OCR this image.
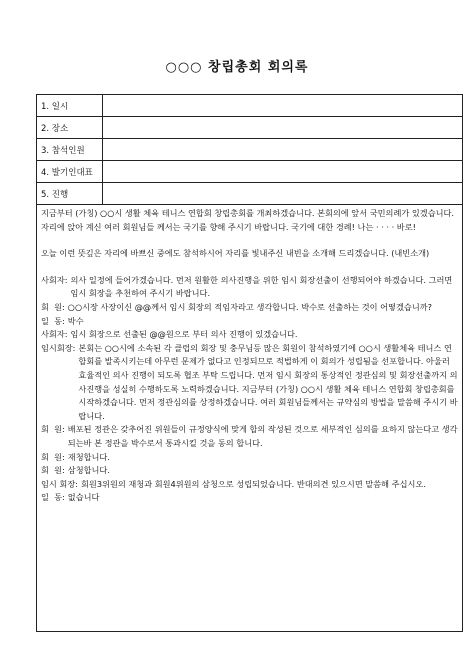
○○○ 창립총회 회의록
1. 일시	
2. 장소	
3. 참석인원	
4. 발기인대표	
5. 진행	

지금부터 (가칭) ○○시 생활 체육 테니스 연합회 창립총회를 개최하겠습니다. 본회의에 앞서 국민의례가 있겠습니다. 자리에 앉아 계신 여러 회원님들 께서는 국기를 향해 주시기 바랍니다. 국기에 대한 경례! 나는 · · · · 바로!

오늘 이런 뜻깊은 자리에 바쁘신 중에도 참석하시어 자리를 빛내주신 내빈을 소개해 드리겠습니다. (내빈소개)

사회자 : 의사 일정에 들어가겠습니다. 먼저 원활한 의사진행을 위한 임시 회장선출이 선행되어야 하겠습니다. 그러면 임시 회장을 추천하여 주시기 바랍니다.
회  원 : ○○시장 사장이신 @@께서 임시 회장의 적임자라고 생각합니다. 박수로 선출하는 것이 어떻겠습니까?
일  동 : 박수
사회자 : 임시 회장으로 선출된 @@원으로 부터 의사 진행이 있겠습니다.
임시회장 : 본회는 ○○시에 소속된 각 클럽의 회장 및 충무님등 많은 회원이 참석하였기에 ○○시 생활체육 테니스 연합회를 발족시키는데 아무런 문제가 없다고 인정되므로 적법하게 이 회의가 성립됨을 선포합니다. 아울러 효율적인 의사 진행이 되도록 협조 부탁 드립니다. 먼저 임시 회장의 통상적인 정관심의 및 회장선출까지 의사진행을 성실히 수행하도록 노력하겠습니다. 지금부터 (가칭) ○○시 생활 체육 테니스 연합회 창립총회를 시작하겠습니다. 먼저 정관심의를 상정하겠습니다. 여러 회원님들께서는 규약심의 방법을 말씀해 주시기 바랍니다.
회  원 : 배포된 정관은 갖추어진 위원들이 규정양식에 맞게 합의 작성된 것으로 세부적인 심의를 요하지 않는다고 생각되는바 본 정관을 박수로서 통과시킬 것을 동의 합니다.
회  원 : 재청합니다.
회  원 : 삼청합니다.
임시 회장 : 회원3위원의 재청과 회원4위원의 삼청으로 성립되었습니다. 반대의견 있으시면 말씀해 주십시오.
일  동 : 없습니다
